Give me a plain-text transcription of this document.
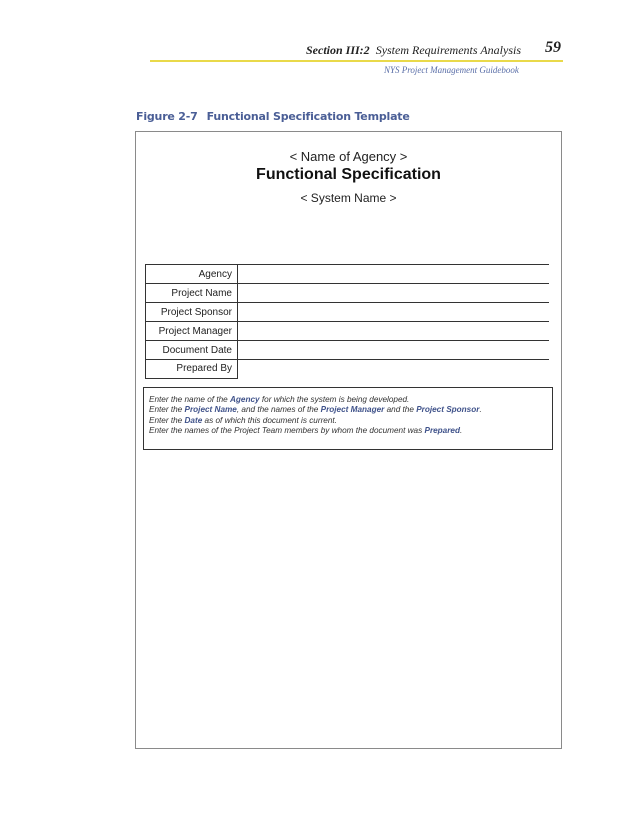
Section III:2 System Requirements Analysis 59
NYS Project Management Guidebook
Figure 2-7 Functional Specification Template
< Name of Agency >
Functional Specification
< System Name >
Agency	
Project Name	
Project Sponsor	
Project Manager	
Document Date	
Prepared By	
Enter the name of the Agency for which the system is being developed.
Enter the Project Name, and the names of the Project Manager and the Project Sponsor.
Enter the Date as of which this document is current.
Enter the names of the Project Team members by whom the document was Prepared.
